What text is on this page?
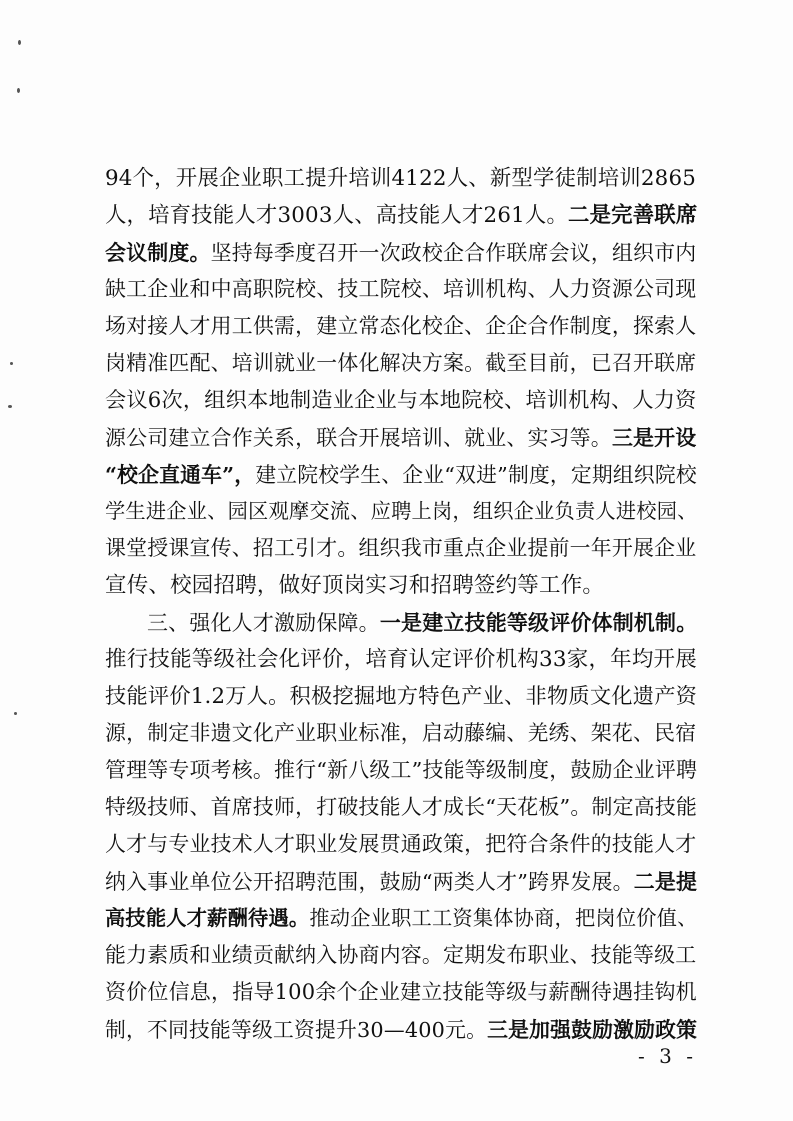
94个，开展企业职工提升培训4122人、新型学徒制培训2865
人，培育技能人才3003人、高技能人才261人。二是完善联席
会议制度。坚持每季度召开一次政校企合作联席会议，组织市内
缺工企业和中高职院校、技工院校、培训机构、人力资源公司现
场对接人才用工供需，建立常态化校企、企企合作制度，探索人
岗精准匹配、培训就业一体化解决方案。截至目前，已召开联席
会议6次，组织本地制造业企业与本地院校、培训机构、人力资
源公司建立合作关系，联合开展培训、就业、实习等。三是开设
“校企直通车”，建立院校学生、企业“双进”制度，定期组织院校
学生进企业、园区观摩交流、应聘上岗，组织企业负责人进校园、
课堂授课宣传、招工引才。组织我市重点企业提前一年开展企业
宣传、校园招聘，做好顶岗实习和招聘签约等工作。
三、强化人才激励保障。一是建立技能等级评价体制机制。
推行技能等级社会化评价，培育认定评价机构33家，年均开展
技能评价1.2万人。积极挖掘地方特色产业、非物质文化遗产资
源，制定非遗文化产业职业标准，启动藤编、羌绣、架花、民宿
管理等专项考核。推行“新八级工”技能等级制度，鼓励企业评聘
特级技师、首席技师，打破技能人才成长“天花板”。制定高技能
人才与专业技术人才职业发展贯通政策，把符合条件的技能人才
纳入事业单位公开招聘范围，鼓励“两类人才”跨界发展。二是提
高技能人才薪酬待遇。推动企业职工工资集体协商，把岗位价值、
能力素质和业绩贡献纳入协商内容。定期发布职业、技能等级工
资价位信息，指导100余个企业建立技能等级与薪酬待遇挂钩机
制，不同技能等级工资提升30—400元。三是加强鼓励激励政策
- 3 -
